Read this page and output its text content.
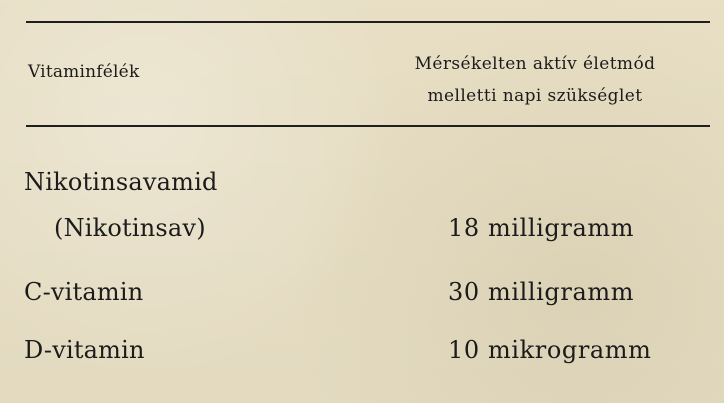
Vitaminfélék	Mérsékelten aktív életmód
melletti napi szükséglet
Nikotinsavamid
(Nikotinsav)	18 milligramm
C-vitamin	30 milligramm
D-vitamin	10 mikrogramm
